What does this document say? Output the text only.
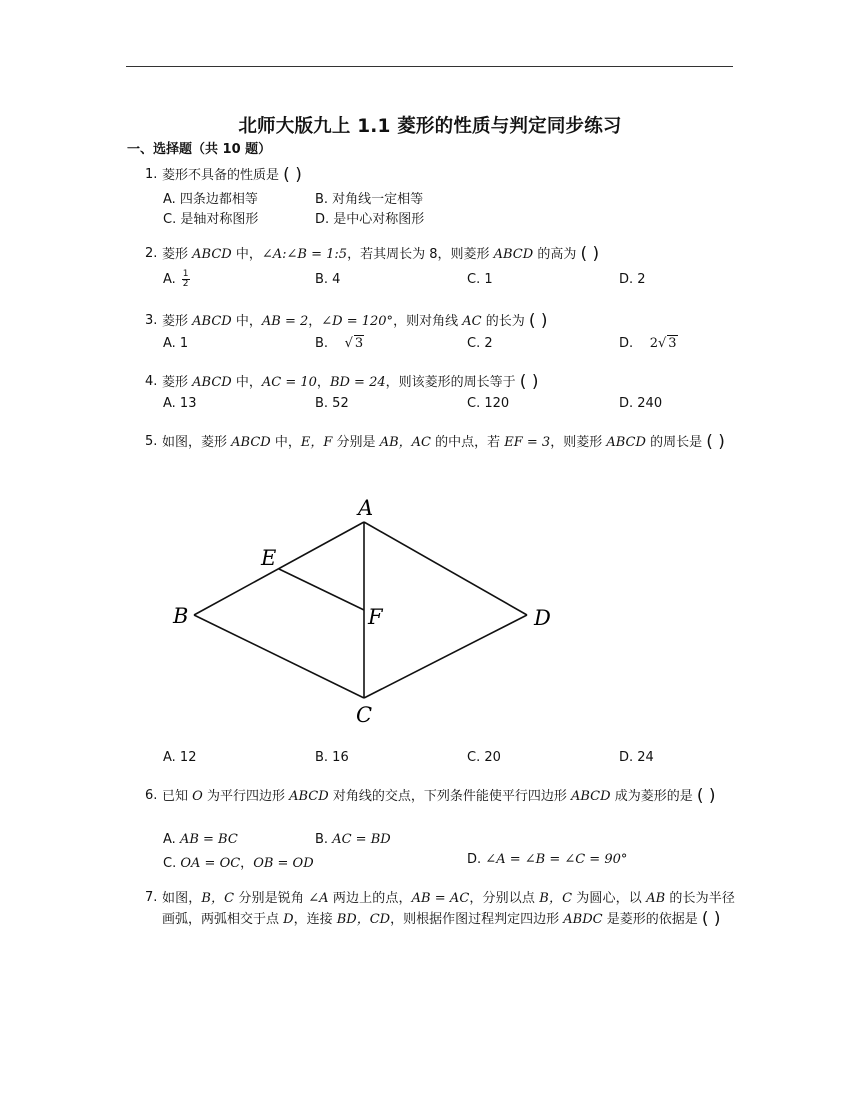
北师大版九上 1.1 菱形的性质与判定同步练习
一、选择题（共 10 题）
1. 菱形不具备的性质是 ( )
A. 四条边都相等	B. 对角线一定相等
C. 是轴对称图形	D. 是中心对称图形
2. 菱形 ABCD 中，∠A:∠B = 1:5，若其周长为 8，则菱形 ABCD 的高为 ( )
A. $\frac{1}{2}$	B. 4	C. 1	D. 2
3. 菱形 ABCD 中，AB = 2，∠D = 120°，则对角线 AC 的长为 ( )
A. 1	B.    √ 3	C. 2	D. 2√ 3
4. 菱形 ABCD 中，AC = 10，BD = 24，则该菱形的周长等于 ( )
A. 13	B. 52	C. 120	D. 240
5. 如图，菱形 ABCD 中，E，F 分别是 AB，AC 的中点，若 EF = 3，则菱形 ABCD 的周长是 ( )
A
B
C
D
E
F
A. 12	B. 16	C. 20	D. 24
6. 已知 O 为平行四边形 ABCD 对角线的交点，下列条件能使平行四边形 ABCD 成为菱形的是 ( )
A. AB = BC	B. AC = BD
C. OA = OC，OB = OD	D. ∠A = ∠B = ∠C = 90°
7. 如图，B，C 分别是锐角 ∠A 两边上的点，AB = AC，分别以点 B，C 为圆心，以 AB 的长为半径画弧，两弧相交于点 D，连接 BD，CD，则根据作图过程判定四边形 ABDC 是菱形的依据是 ( )
